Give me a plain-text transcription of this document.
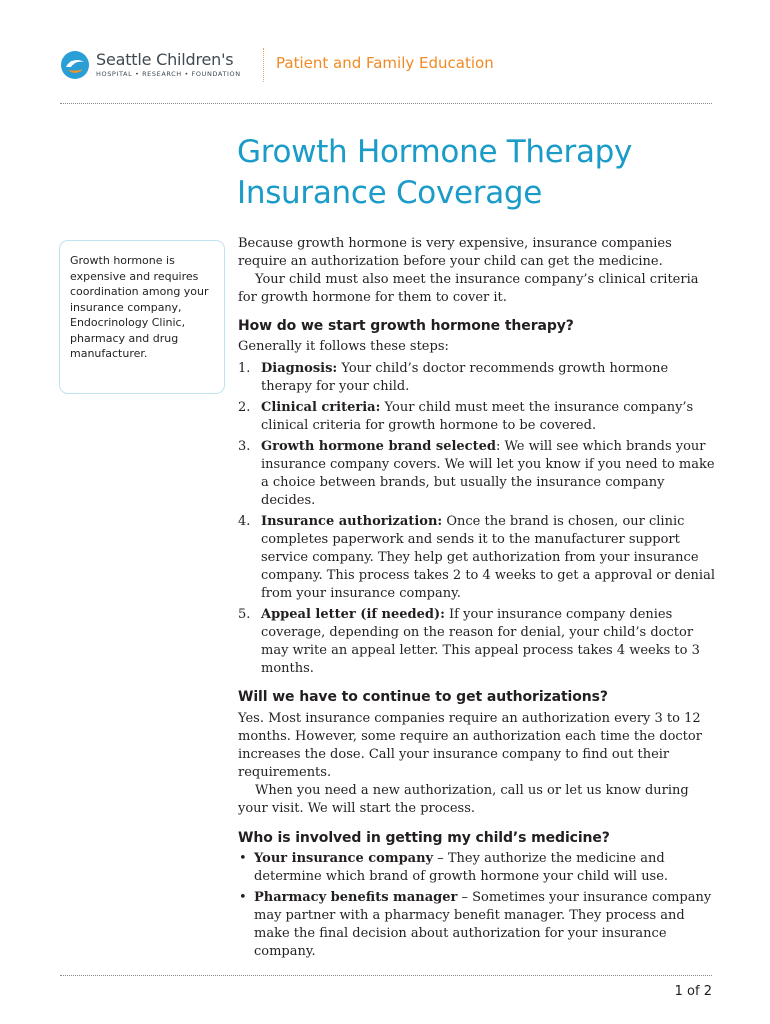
Seattle Children's
HOSPITAL • RESEARCH • FOUNDATION
Patient and Family Education
Growth Hormone Therapy
Insurance Coverage
Growth hormone is expensive and requires coordination among your insurance company, Endocrinology Clinic, pharmacy and drug manufacturer.

Because growth hormone is very expensive, insurance companies require an authorization before your child can get the medicine.

Your child must also meet the insurance company’s clinical criteria for growth hormone for them to cover it.

How do we start growth hormone therapy?

Generally it follows these steps:

1. Diagnosis: Your child’s doctor recommends growth hormone therapy for your child.
2. Clinical criteria: Your child must meet the insurance company’s clinical criteria for growth hormone to be covered.
3. Growth hormone brand selected: We will see which brands your insurance company covers. We will let you know if you need to make a choice between brands, but usually the insurance company decides.
4. Insurance authorization: Once the brand is chosen, our clinic completes paperwork and sends it to the manufacturer support service company. They help get authorization from your insurance company. This process takes 2 to 4 weeks to get a approval or denial from your insurance company.
5. Appeal letter (if needed): If your insurance company denies coverage, depending on the reason for denial, your child’s doctor may write an appeal letter. This appeal process takes 4 weeks to 3 months.
Will we have to continue to get authorizations?

Yes. Most insurance companies require an authorization every 3 to 12 months. However, some require an authorization each time the doctor increases the dose. Call your insurance company to find out their requirements.

When you need a new authorization, call us or let us know during your visit. We will start the process.

Who is involved in getting my child’s medicine?
• Your insurance company – They authorize the medicine and determine which brand of growth hormone your child will use.
• Pharmacy benefits manager – Sometimes your insurance company may partner with a pharmacy benefit manager. They process and make the final decision about authorization for your insurance company.
1 of 2
